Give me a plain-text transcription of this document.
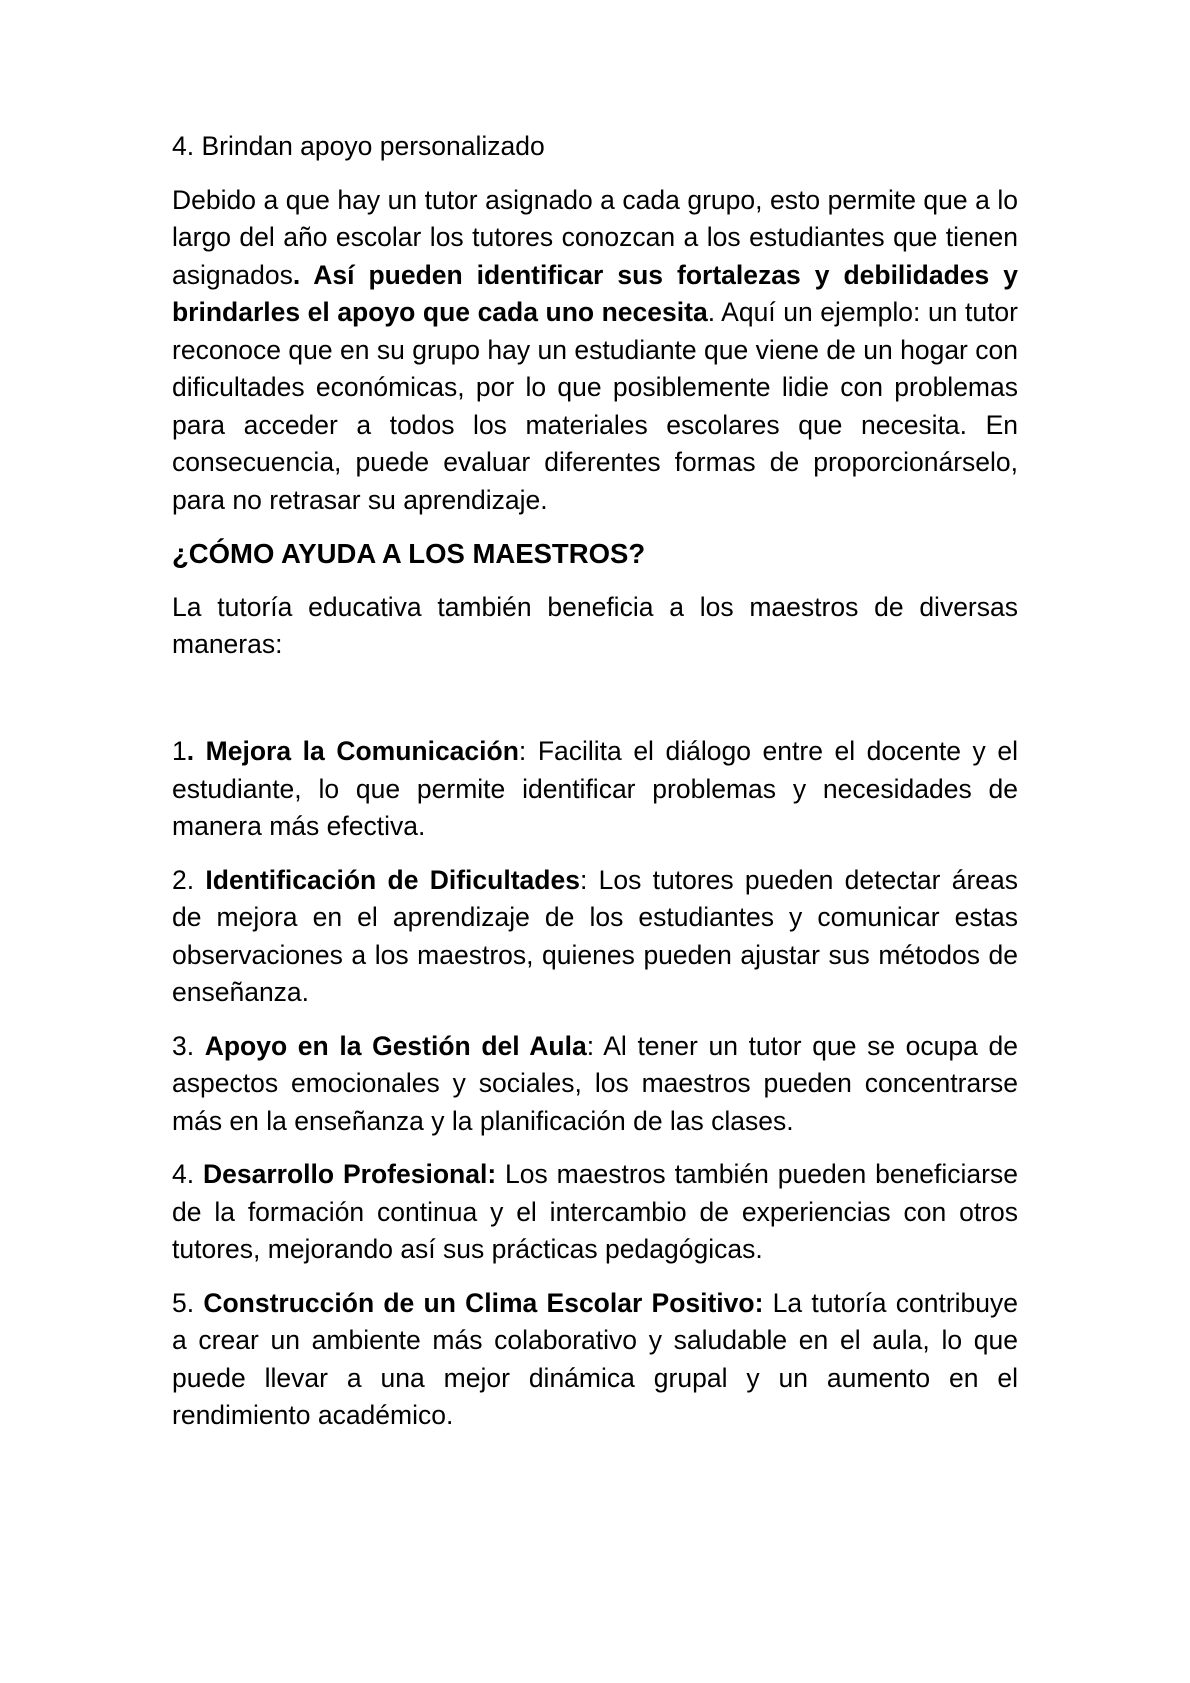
4. Brindan apoyo personalizado

Debido a que hay un tutor asignado a cada grupo, esto permite que a lo largo del año escolar los tutores conozcan a los estudiantes que tienen asignados. Así pueden identificar sus fortalezas y debilidades y brindarles el apoyo que cada uno necesita. Aquí un ejemplo: un tutor reconoce que en su grupo hay un estudiante que viene de un hogar con dificultades económicas, por lo que posiblemente lidie con problemas para acceder a todos los materiales escolares que necesita. En consecuencia, puede evaluar diferentes formas de proporcionárselo, para no retrasar su aprendizaje.

¿CÓMO AYUDA A LOS MAESTROS?

La tutoría educativa también beneficia a los maestros de diversas maneras:

1. Mejora la Comunicación: Facilita el diálogo entre el docente y el estudiante, lo que permite identificar problemas y necesidades de manera más efectiva.

2. Identificación de Dificultades: Los tutores pueden detectar áreas de mejora en el aprendizaje de los estudiantes y comunicar estas observaciones a los maestros, quienes pueden ajustar sus métodos de enseñanza.

3. Apoyo en la Gestión del Aula: Al tener un tutor que se ocupa de aspectos emocionales y sociales, los maestros pueden concentrarse más en la enseñanza y la planificación de las clases.

4. Desarrollo Profesional: Los maestros también pueden beneficiarse de la formación continua y el intercambio de experiencias con otros tutores, mejorando así sus prácticas pedagógicas.

5. Construcción de un Clima Escolar Positivo: La tutoría contribuye a crear un ambiente más colaborativo y saludable en el aula, lo que puede llevar a una mejor dinámica grupal y un aumento en el rendimiento académico.
